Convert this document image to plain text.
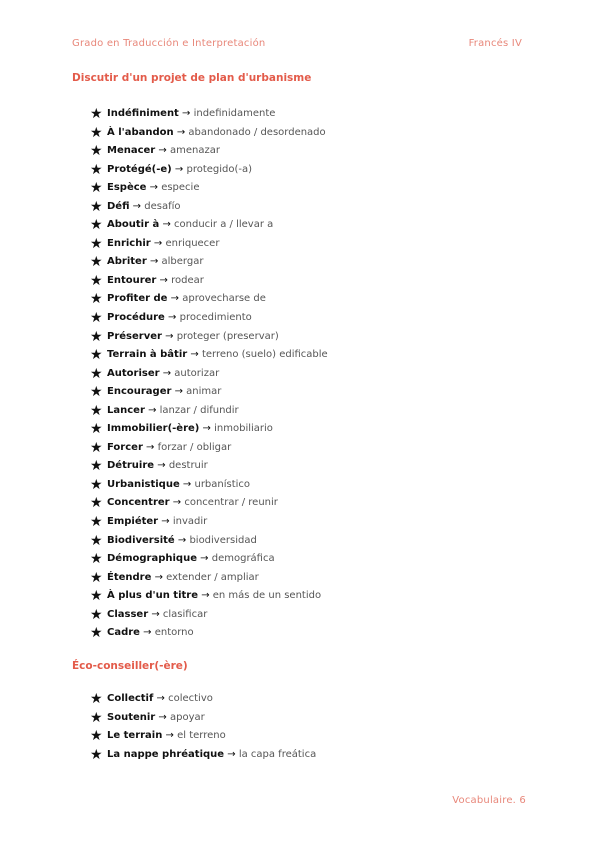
Grado en Traducción e Interpretación	Francés IV
Discutir d'un projet de plan d'urbanisme
★ Indéfiniment → indefinidamente
★ À l'abandon → abandonado / desordenado
★ Menacer → amenazar
★ Protégé(-e) → protegido(-a)
★ Espèce → especie
★ Défi → desafío
★ Aboutir à → conducir a / llevar a
★ Enrichir → enriquecer
★ Abriter → albergar
★ Entourer → rodear
★ Profiter de → aprovecharse de
★ Procédure → procedimiento
★ Préserver → proteger (preservar)
★ Terrain à bâtir → terreno (suelo) edificable
★ Autoriser → autorizar
★ Encourager → animar
★ Lancer → lanzar / difundir
★ Immobilier(-ère) → inmobiliario
★ Forcer → forzar / obligar
★ Détruire → destruir
★ Urbanistique → urbanístico
★ Concentrer → concentrar / reunir
★ Empiéter → invadir
★ Biodiversité → biodiversidad
★ Démographique → demográfica
★ Étendre → extender / ampliar
★ À plus d'un titre → en más de un sentido
★ Classer → clasificar
★ Cadre → entorno
Éco-conseiller(-ère)
★ Collectif → colectivo
★ Soutenir → apoyar
★ Le terrain → el terreno
★ La nappe phréatique → la capa freática
Vocabulaire. 6
